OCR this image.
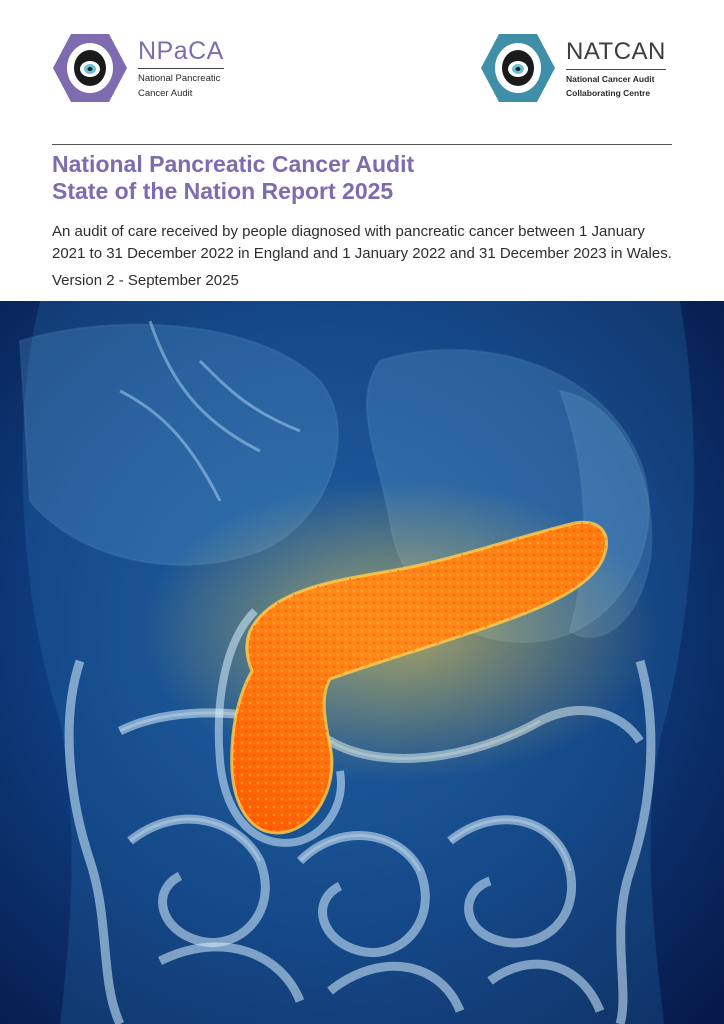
NPaCA
National Pancreatic
Cancer Audit
NATCAN
National Cancer Audit
Collaborating Centre
National Pancreatic Cancer Audit
State of the Nation Report 2025

An audit of care received by people diagnosed with pancreatic cancer between 1 January 2021 to 31 December 2022 in England and 1 January 2022 and 31 December 2023 in Wales.

Version 2 - September 2025
